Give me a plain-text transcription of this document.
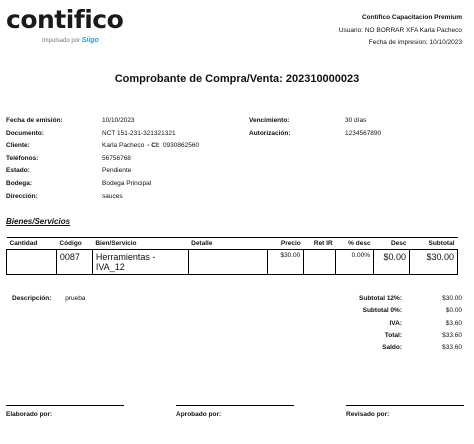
contifico
Impulsado por Siigo
Contifico Capacitacion Premium
Usuario: NO BORRAR XFA Karla Pacheco
Fecha de impresion: 10/10/2023
Comprobante de Compra/Venta: 202310000023
Fecha de emisión:	10/10/2023
Documento:	NCT 151-231-321321321
Cliente:	Karla Pacheco - CI: 0930862560
Teléfonos:	56756768
Estado:	Pendiente
Bodega:	Bodega Principal
Dirección:	sauces
Vencimiento:	30 días
Autorización:	1234567890
Bienes/Servicios
Cantidad	Código	Bien/Servicio	Detalle	Precio	Ret IR	% desc	Desc	Subtotal
	0087	Herramientas - IVA_12		$30.00		0.00%	$0.00	$30.00
Descripción: prueba	Subtotal 12%:	$30.00
Subtotal 0%:	$0.00
IVA:	$3.60
Total:	$33.60
Saldo:	$33.60
Elaborado por:	Aprobado por:	Revisado por:
